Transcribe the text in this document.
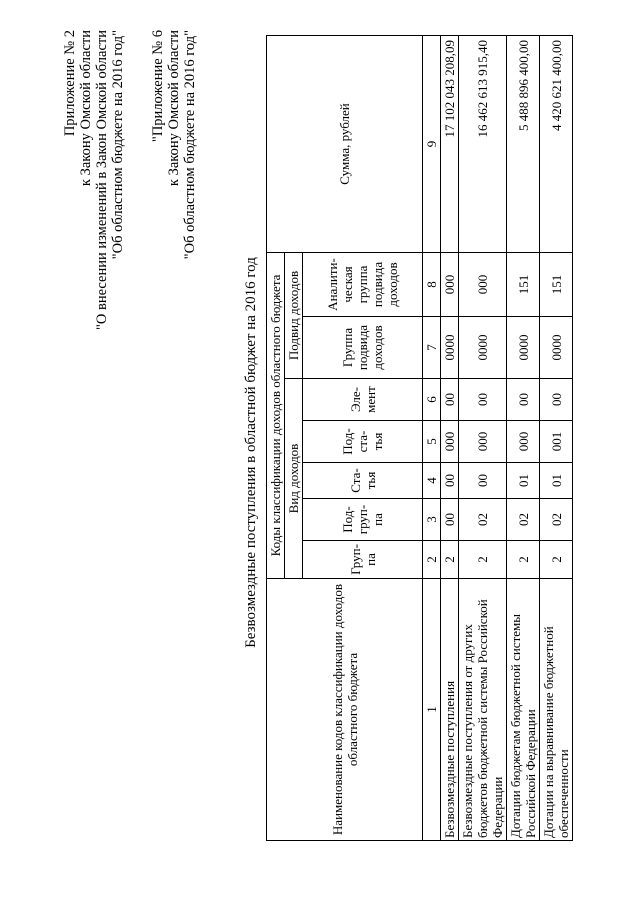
Приложение № 2 к Закону Омской области "О внесении изменений в Закон Омской области "Об областном бюджете на 2016 год" "Приложение № 6 к Закону Омской области "Об областном бюджете на 2016 год"
Безвозмездные поступления в областной бюджет на 2016 год
Наименование кодов классификации доходов областного бюджета	Коды классификации доходов областного бюджета							Сумма, рублей
	Вид доходов					Подвид доходов		
	Груп-па	Под-груп-па	Ста-тья	Под-ста-тья	Эле-мент	Группа подвида доходов	Аналити-ческая группа подвида доходов	
1	2	3	4	5	6	7	8	9
Безвозмездные поступления	2	00	00	000	00	0000	000	17 102 043 208,09
Безвозмездные поступления от других бюджетов бюджетной системы Российской Федерации	2	02	00	000	00	0000	000	16 462 613 915,40
Дотации бюджетам бюджетной системы Российской Федерации	2	02	01	000	00	0000	151	5 488 896 400,00
Дотации на выравнивание бюджетной обеспеченности	2	02	01	001	00	0000	151	4 420 621 400,00
